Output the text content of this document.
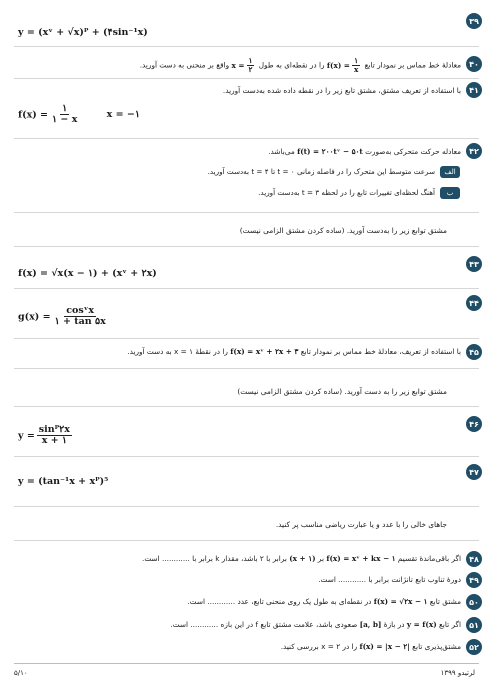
۳۹
y = (xᵛ + √x)ᴾ + (۴sin⁻¹x)
۴۰
معادلهٔ خط مماس بر نمودار تابع $f(x) = \frac{۱}{x}$
را در نقطه‌ای به طول $x = \frac{۱}{۲}$
واقع بر منحنی به دست آورید.
۴۱
با استفاده از تعریف مشتق، مشتق تابع زیر را در نقطه داده شده به‌دست آورید.
$f(x) = \frac{۱}{۱ - x}$	x = −۱
۴۲
معادله حرکت متحرکی به‌صورت f(t) = ۲۰۰tᵛ − ۵۰t می‌باشد.
الف
سرعت متوسط این متحرک را در فاصله زمانی ۰ = t تا ۴ = t به‌دست آورید.
ب
آهنگ لحظه‌ای تغییرات تابع را در لحظه ۳ = t به‌دست آورید.
مشتق توابع زیر را به‌دست آورید. (ساده کردن مشتق الزامی نیست)
۴۳
f(x) = √x(x − ۱) + (xᵛ + ۲x)
۴۴
$g(x) = \frac{\text{cosᵛx}}{۱ + \tan ۵x}$
۴۵
با استفاده از تعریف، معادلهٔ خط مماس بر نمودار تابع f(x) = xᵛ + ۲x + ۳ را در نقطهٔ ۱ = x به دست آورید.
مشتق توابع زیر را به دست آورید. (ساده کردن مشتق الزامی نیست)
۴۶
$y = \frac{\text{sinᴾ۲x}}{x + ۱}$
۴۷
y = (tan⁻¹x + xᴾ)⁵
جاهای خالی را با عدد و یا عبارت ریاضی مناسب پر کنید.
۴۸
اگر باقی‌ماندهٔ تقسیم f(x) = xᵛ + kx − ۱ بر (x + ۱) برابر با ۲ باشد، مقدار k برابر با ............ است.
۴۹
دورهٔ تناوب تابع تانژانت برابر با ............ است.
۵۰
مشتق تابع f(x) = √۲x − ۱ در نقطه‌ای به طول یک روی منحنی تابع، عدد ............ است.
۵۱
اگر تابع y = f(x) در بازهٔ [a, b] صعودی باشد، علامت مشتق تابع f در این بازه ............ است.
۵۲
مشتق‌پذیری تابع f(x) = |x − ۲| را در ۲ = x بررسی کنید.
لرتیدو ۱۳۹۹
۵/۱۰
